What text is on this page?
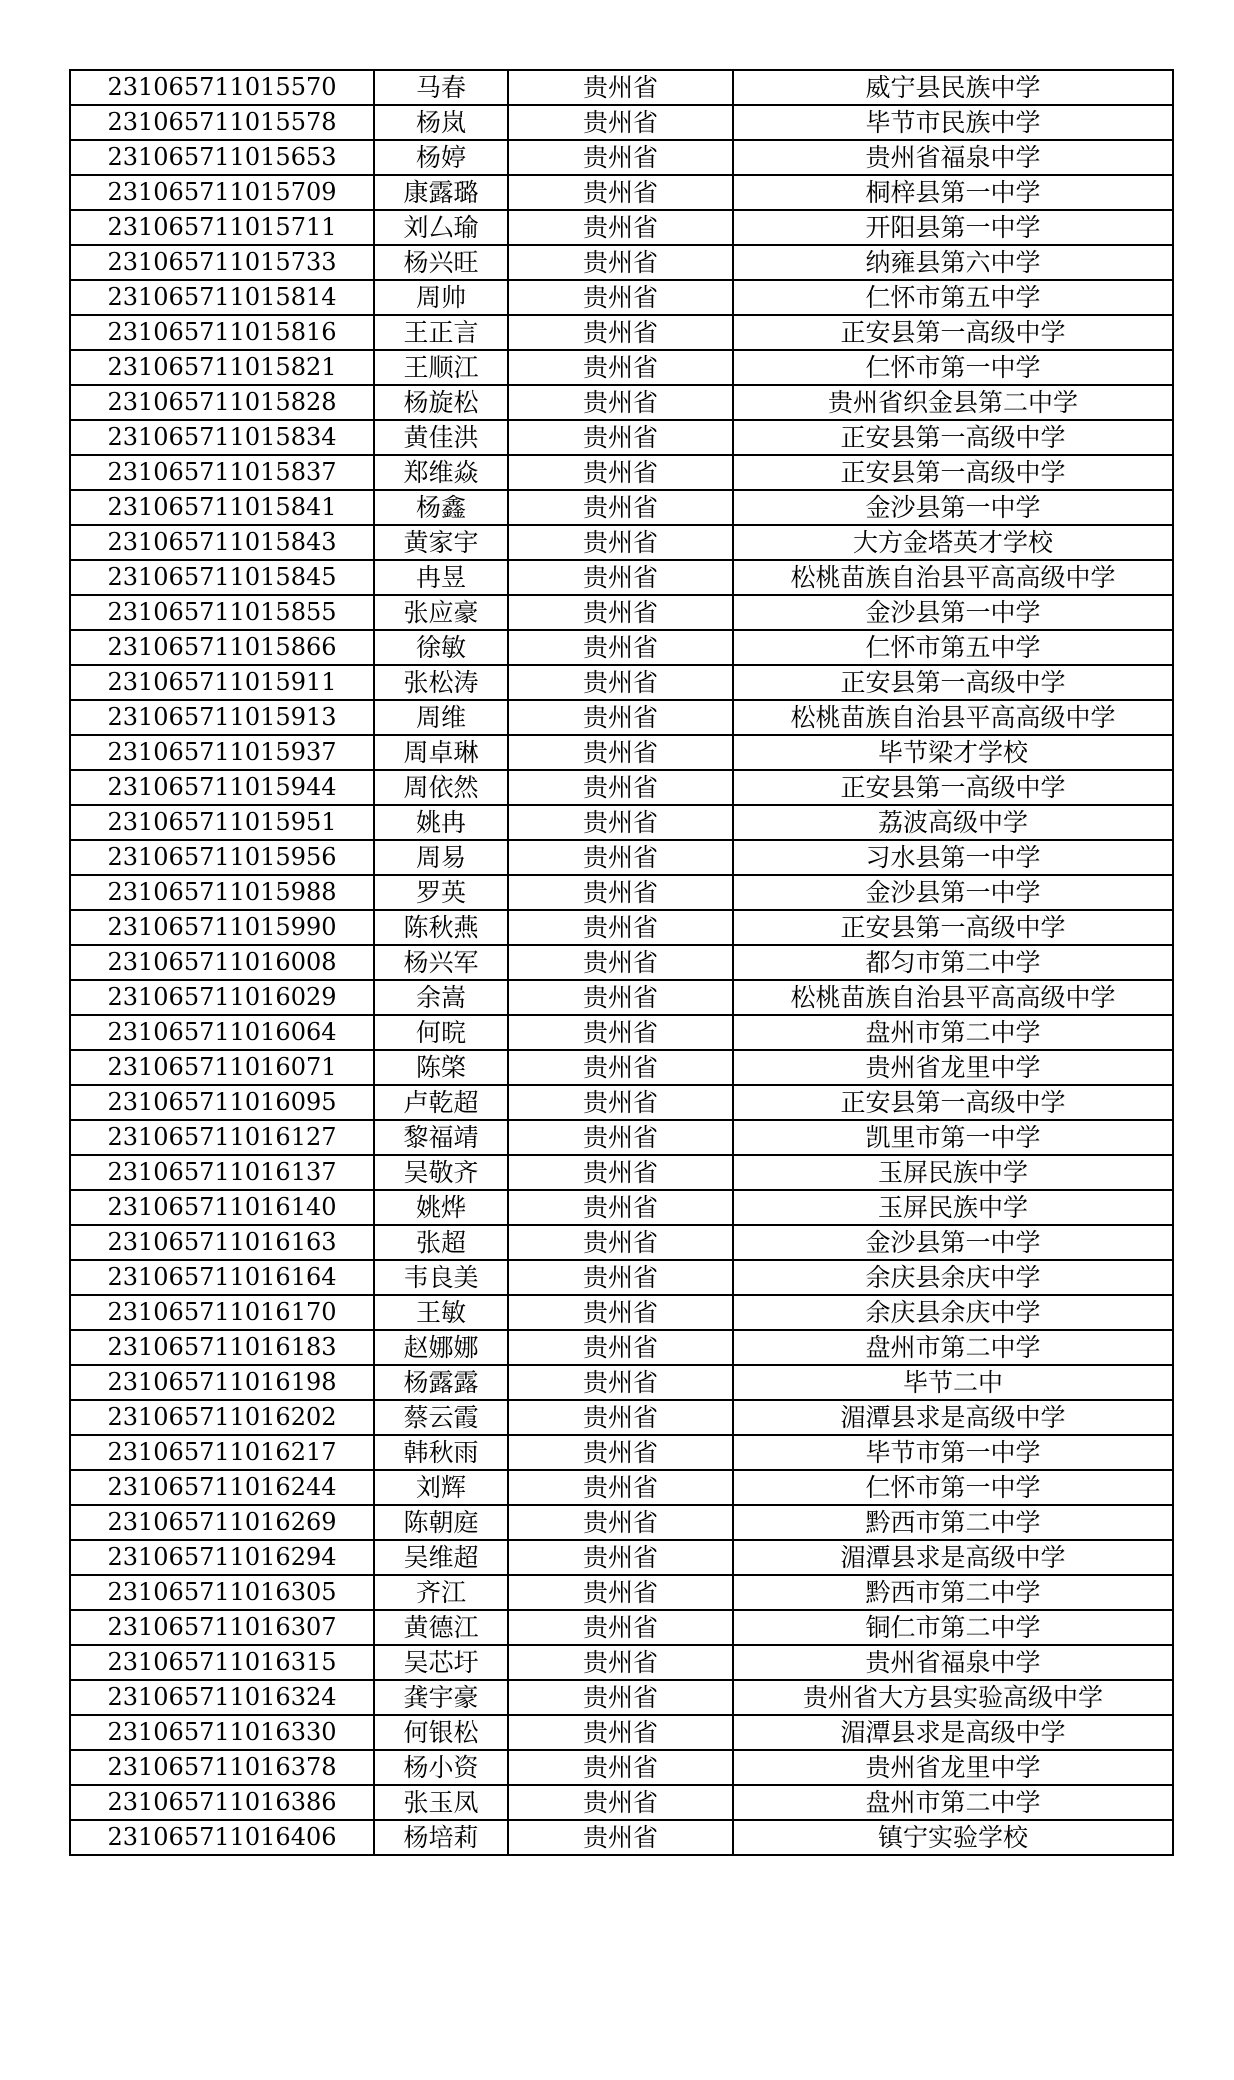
231065711015570	马春	贵州省	威宁县民族中学
231065711015578	杨岚	贵州省	毕节市民族中学
231065711015653	杨婷	贵州省	贵州省福泉中学
231065711015709	康露璐	贵州省	桐梓县第一中学
231065711015711	刘厶瑜	贵州省	开阳县第一中学
231065711015733	杨兴旺	贵州省	纳雍县第六中学
231065711015814	周帅	贵州省	仁怀市第五中学
231065711015816	王正言	贵州省	正安县第一高级中学
231065711015821	王顺江	贵州省	仁怀市第一中学
231065711015828	杨旋松	贵州省	贵州省织金县第二中学
231065711015834	黄佳洪	贵州省	正安县第一高级中学
231065711015837	郑维焱	贵州省	正安县第一高级中学
231065711015841	杨鑫	贵州省	金沙县第一中学
231065711015843	黄家宇	贵州省	大方金塔英才学校
231065711015845	冉昱	贵州省	松桃苗族自治县平高高级中学
231065711015855	张应豪	贵州省	金沙县第一中学
231065711015866	徐敏	贵州省	仁怀市第五中学
231065711015911	张松涛	贵州省	正安县第一高级中学
231065711015913	周维	贵州省	松桃苗族自治县平高高级中学
231065711015937	周卓琳	贵州省	毕节梁才学校
231065711015944	周依然	贵州省	正安县第一高级中学
231065711015951	姚冉	贵州省	荔波高级中学
231065711015956	周易	贵州省	习水县第一中学
231065711015988	罗英	贵州省	金沙县第一中学
231065711015990	陈秋燕	贵州省	正安县第一高级中学
231065711016008	杨兴军	贵州省	都匀市第二中学
231065711016029	余嵩	贵州省	松桃苗族自治县平高高级中学
231065711016064	何晥	贵州省	盘州市第二中学
231065711016071	陈棨	贵州省	贵州省龙里中学
231065711016095	卢乾超	贵州省	正安县第一高级中学
231065711016127	黎福靖	贵州省	凯里市第一中学
231065711016137	吴敬齐	贵州省	玉屏民族中学
231065711016140	姚烨	贵州省	玉屏民族中学
231065711016163	张超	贵州省	金沙县第一中学
231065711016164	韦良美	贵州省	余庆县余庆中学
231065711016170	王敏	贵州省	余庆县余庆中学
231065711016183	赵娜娜	贵州省	盘州市第二中学
231065711016198	杨露露	贵州省	毕节二中
231065711016202	蔡云霞	贵州省	湄潭县求是高级中学
231065711016217	韩秋雨	贵州省	毕节市第一中学
231065711016244	刘辉	贵州省	仁怀市第一中学
231065711016269	陈朝庭	贵州省	黔西市第二中学
231065711016294	吴维超	贵州省	湄潭县求是高级中学
231065711016305	齐江	贵州省	黔西市第二中学
231065711016307	黄德江	贵州省	铜仁市第二中学
231065711016315	吴芯圩	贵州省	贵州省福泉中学
231065711016324	龚宇豪	贵州省	贵州省大方县实验高级中学
231065711016330	何银松	贵州省	湄潭县求是高级中学
231065711016378	杨小资	贵州省	贵州省龙里中学
231065711016386	张玉凤	贵州省	盘州市第二中学
231065711016406	杨培莉	贵州省	镇宁实验学校
